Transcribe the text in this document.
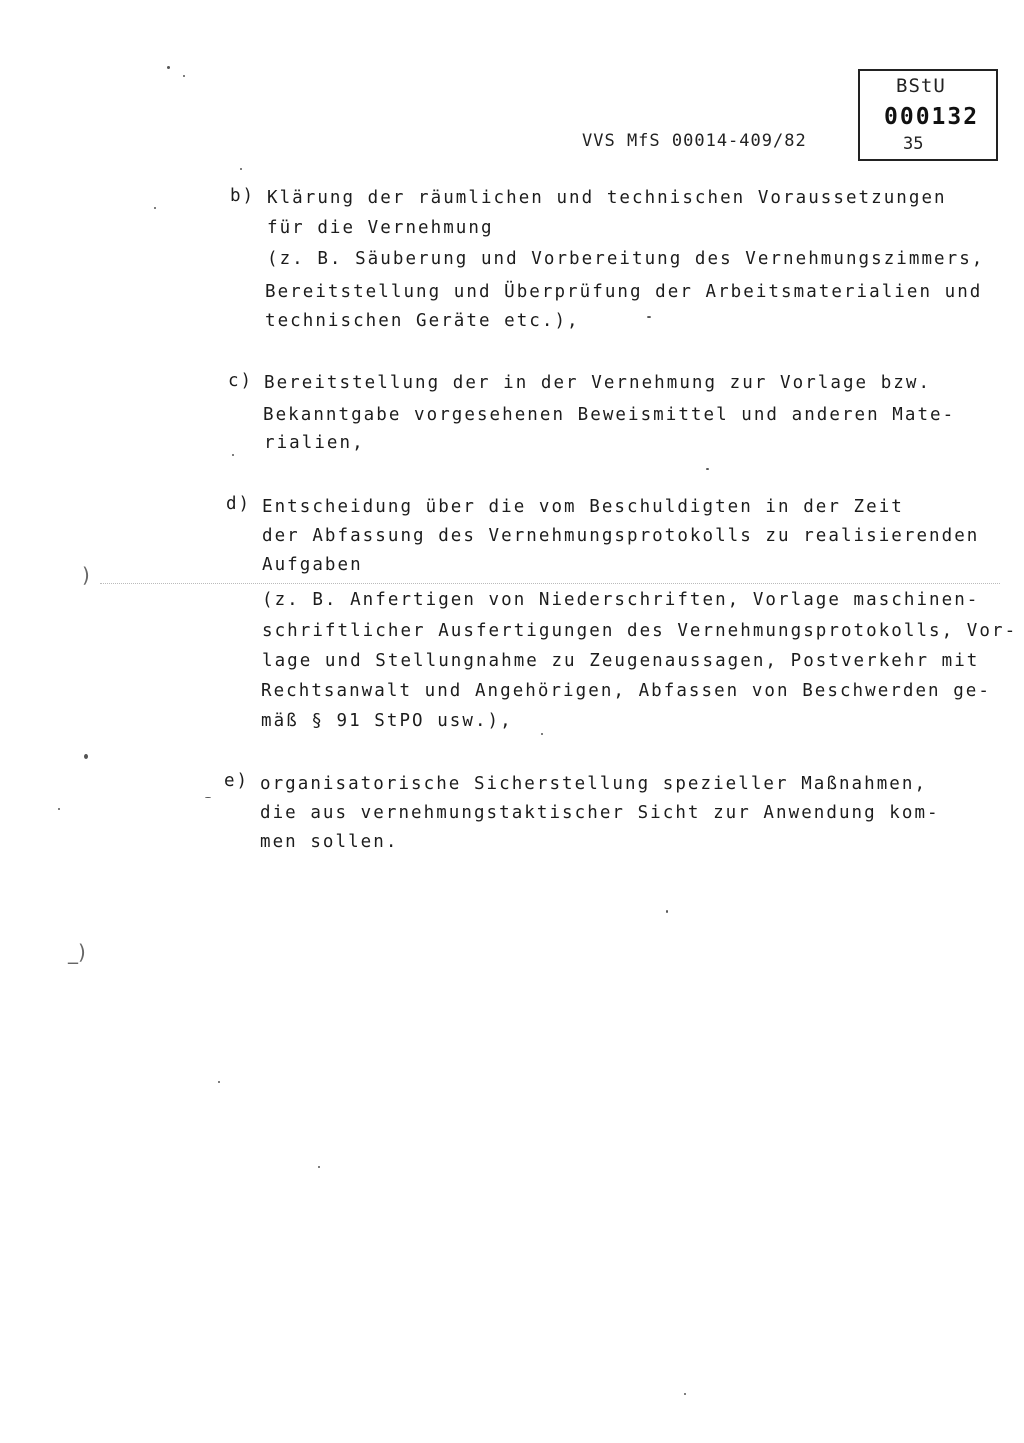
BStU
000132
35
VVS MfS 00014-409/82
b) Klärung der räumlichen und technischen Voraussetzungen
für die Vernehmung
(z. B. Säuberung und Vorbereitung des Vernehmungszimmers,
Bereitstellung und Überprüfung der Arbeitsmaterialien und
technischen Geräte etc.),
c) Bereitstellung der in der Vernehmung zur Vorlage bzw.
Bekanntgabe vorgesehenen Beweismittel und anderen Mate-
rialien,
d) Entscheidung über die vom Beschuldigten in der Zeit
der Abfassung des Vernehmungsprotokolls zu realisierenden
Aufgaben
(z. B. Anfertigen von Niederschriften, Vorlage maschinen-
schriftlicher Ausfertigungen des Vernehmungsprotokolls, Vor-
lage und Stellungnahme zu Zeugenaussagen, Postverkehr mit
Rechtsanwalt und Angehörigen, Abfassen von Beschwerden ge-
mäß § 91 StPO usw.),
e) organisatorische Sicherstellung spezieller Maßnahmen,
die aus vernehmungstaktischer Sicht zur Anwendung kom-
men sollen.
)
_)
